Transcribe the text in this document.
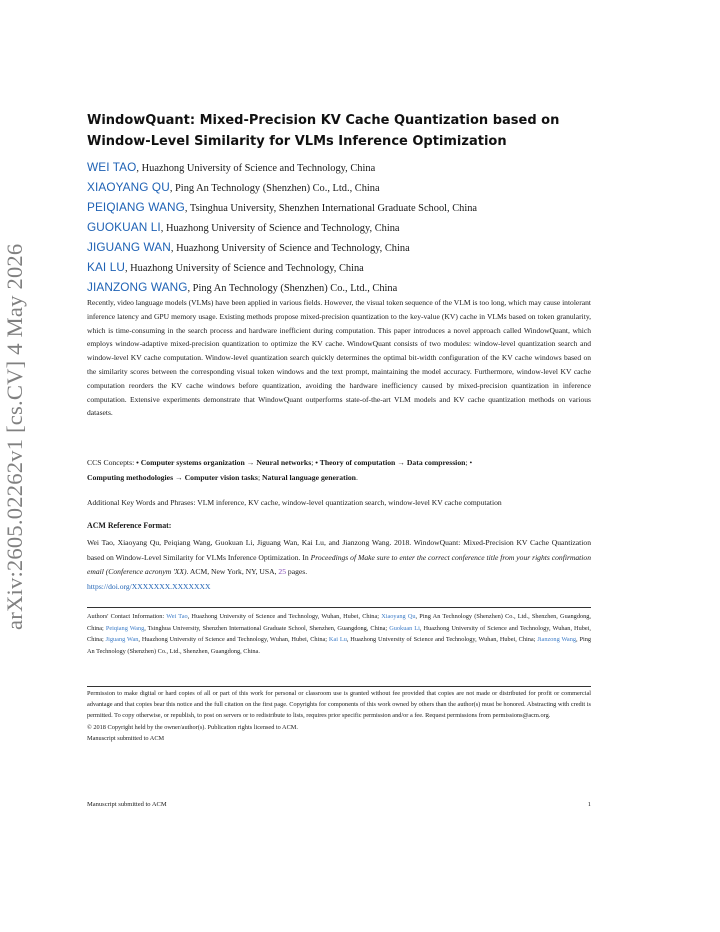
arXiv:2605.02262v1 [cs.CV] 4 May 2026
WindowQuant: Mixed-Precision KV Cache Quantization based on
Window-Level Similarity for VLMs Inference Optimization
WEI TAO, Huazhong University of Science and Technology, China
XIAOYANG QU, Ping An Technology (Shenzhen) Co., Ltd., China
PEIQIANG WANG, Tsinghua University, Shenzhen International Graduate School, China
GUOKUAN LI, Huazhong University of Science and Technology, China
JIGUANG WAN, Huazhong University of Science and Technology, China
KAI LU, Huazhong University of Science and Technology, China
JIANZONG WANG, Ping An Technology (Shenzhen) Co., Ltd., China
Recently, video language models (VLMs) have been applied in various fields. However, the visual token sequence of the VLM is too long, which may cause intolerant inference latency and GPU memory usage. Existing methods propose mixed-precision quantization to the key-value (KV) cache in VLMs based on token granularity, which is time-consuming in the search process and hardware inefficient during computation. This paper introduces a novel approach called WindowQuant, which employs window-adaptive mixed-precision quantization to optimize the KV cache. WindowQuant consists of two modules: window-level quantization search and window-level KV cache computation. Window-level quantization search quickly determines the optimal bit-width configuration of the KV cache windows based on the similarity scores between the corresponding visual token windows and the text prompt, maintaining the model accuracy. Furthermore, window-level KV cache computation reorders the KV cache windows before quantization, avoiding the hardware inefficiency caused by mixed-precision quantization in inference computation. Extensive experiments demonstrate that WindowQuant outperforms state-of-the-art VLM models and KV cache quantization methods on various datasets.
CCS Concepts: • Computer systems organization → Neural networks; • Theory of computation → Data compression; •
Computing methodologies → Computer vision tasks; Natural language generation.
Additional Key Words and Phrases: VLM inference, KV cache, window-level quantization search, window-level KV cache computation
ACM Reference Format:
Wei Tao, Xiaoyang Qu, Peiqiang Wang, Guokuan Li, Jiguang Wan, Kai Lu, and Jianzong Wang. 2018. WindowQuant: Mixed-Precision KV Cache Quantization based on Window-Level Similarity for VLMs Inference Optimization. In Proceedings of Make sure to enter the correct conference title from your rights confirmation email (Conference acronym 'XX). ACM, New York, NY, USA, 25 pages.
https://doi.org/XXXXXXX.XXXXXXX
Authors' Contact Information: Wei Tao, Huazhong University of Science and Technology, Wuhan, Hubei, China; Xiaoyang Qu, Ping An Technology (Shenzhen) Co., Ltd., Shenzhen, Guangdong, China; Peiqiang Wang, Tsinghua University, Shenzhen International Graduate School, Shenzhen, Guangdong, China; Guokuan Li, Huazhong University of Science and Technology, Wuhan, Hubei, China; Jiguang Wan, Huazhong University of Science and Technology, Wuhan, Hubei, China; Kai Lu, Huazhong University of Science and Technology, Wuhan, Hubei, China; Jianzong Wang, Ping An Technology (Shenzhen) Co., Ltd., Shenzhen, Guangdong, China.
Permission to make digital or hard copies of all or part of this work for personal or classroom use is granted without fee provided that copies are not made or distributed for profit or commercial advantage and that copies bear this notice and the full citation on the first page. Copyrights for components of this work owned by others than the author(s) must be honored. Abstracting with credit is permitted. To copy otherwise, or republish, to post on servers or to redistribute to lists, requires prior specific permission and/or a fee. Request permissions from permissions@acm.org.
© 2018 Copyright held by the owner/author(s). Publication rights licensed to ACM.
Manuscript submitted to ACM
Manuscript submitted to ACM	1
